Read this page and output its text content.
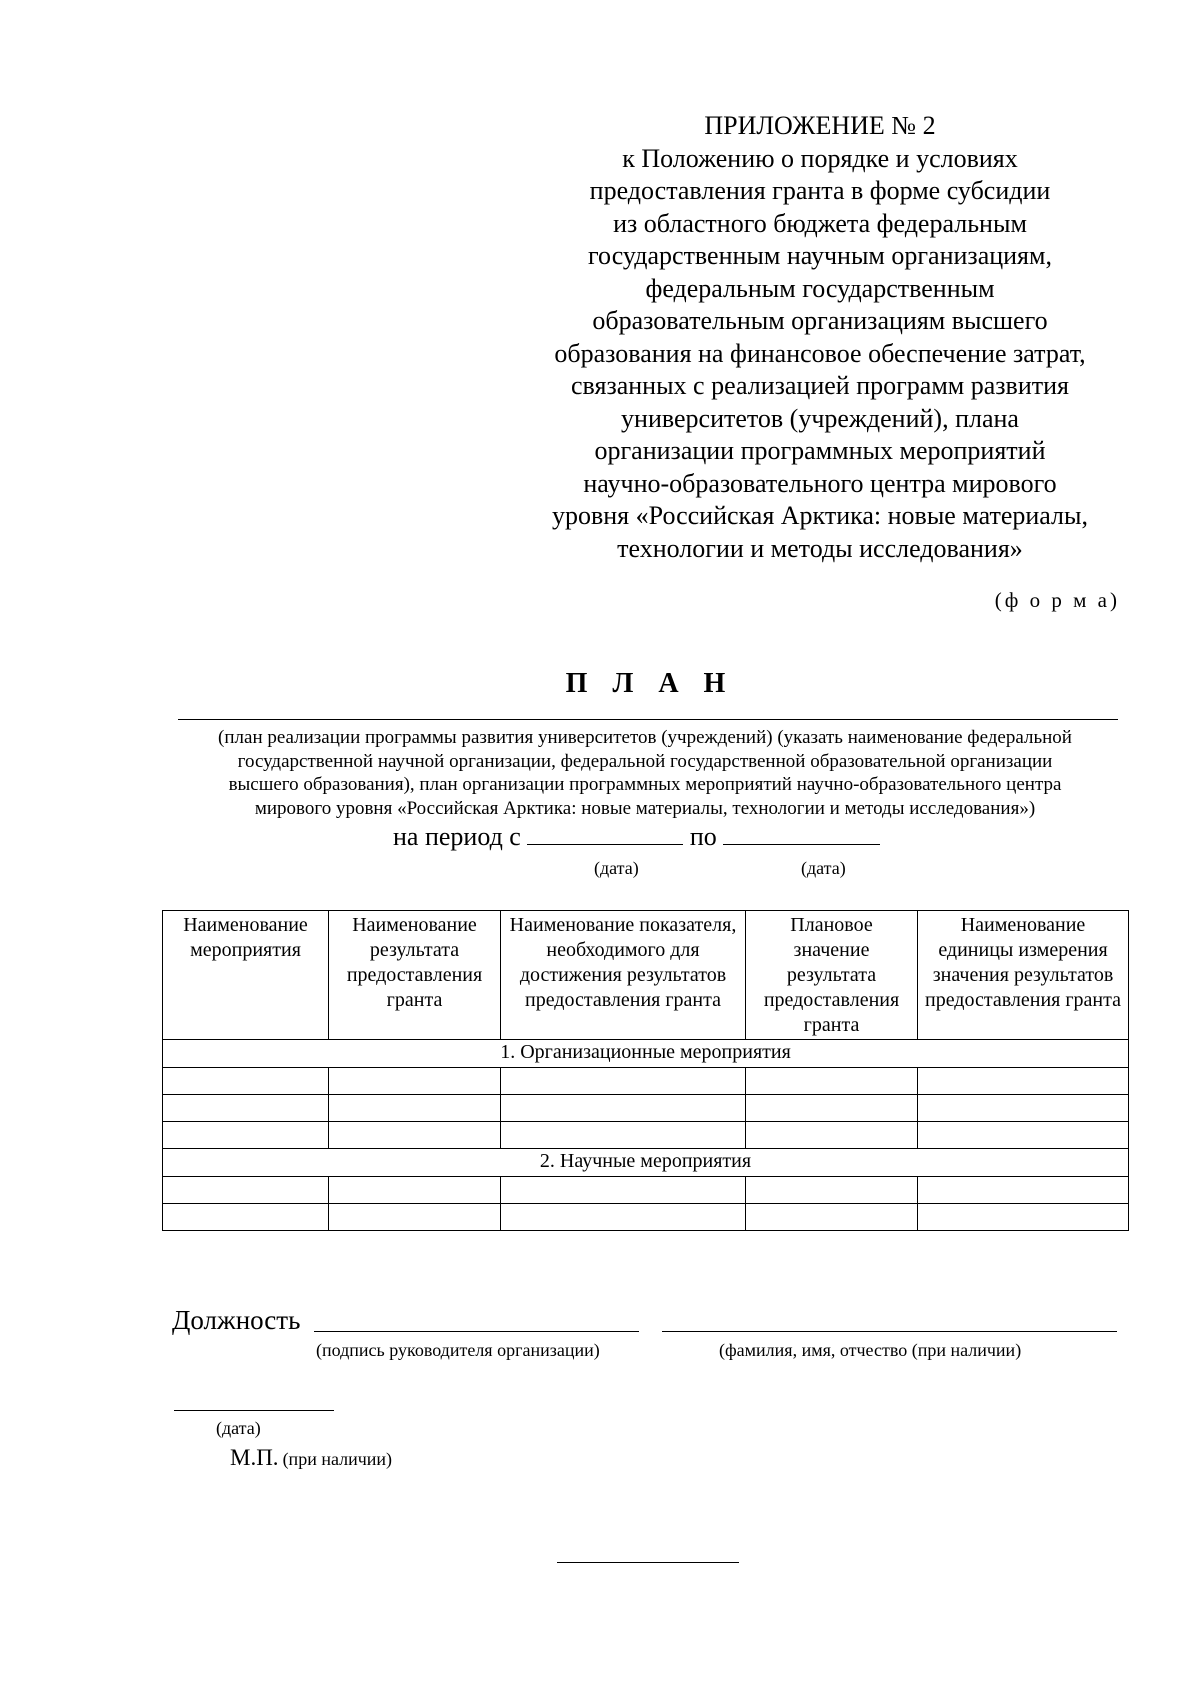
ПРИЛОЖЕНИЕ № 2
к Положению о порядке и условиях
предоставления гранта в форме субсидии
из областного бюджета федеральным
государственным научным организациям,
федеральным государственным
образовательным организациям высшего
образования на финансовое обеспечение затрат,
связанных с реализацией программ развития
университетов (учреждений), плана
организации программных мероприятий
научно-образовательного центра мирового
уровня «Российская Арктика: новые материалы,
технологии и методы исследования»
(ф о р м а)
П Л А Н
(план реализации программы развития университетов (учреждений) (указать наименование федеральной
государственной научной организации, федеральной государственной образовательной организации
высшего образования), план организации программных мероприятий научно-образовательного центра
мирового уровня «Российская Арктика: новые материалы, технологии и методы исследования»)
на период с	по
(дата)	(дата)
Наименование мероприятия	Наименование результата предоставления гранта	Наименование показателя, необходимого для достижения результатов предоставления гранта	Плановое значение результата предоставления гранта	Наименование единицы измерения значения результатов предоставления гранта
1. Организационные мероприятия				

2. Научные мероприятия				

Должность
(подпись руководителя организации)	(фамилия, имя, отчество (при наличии)
(дата)
М.П. (при наличии)
